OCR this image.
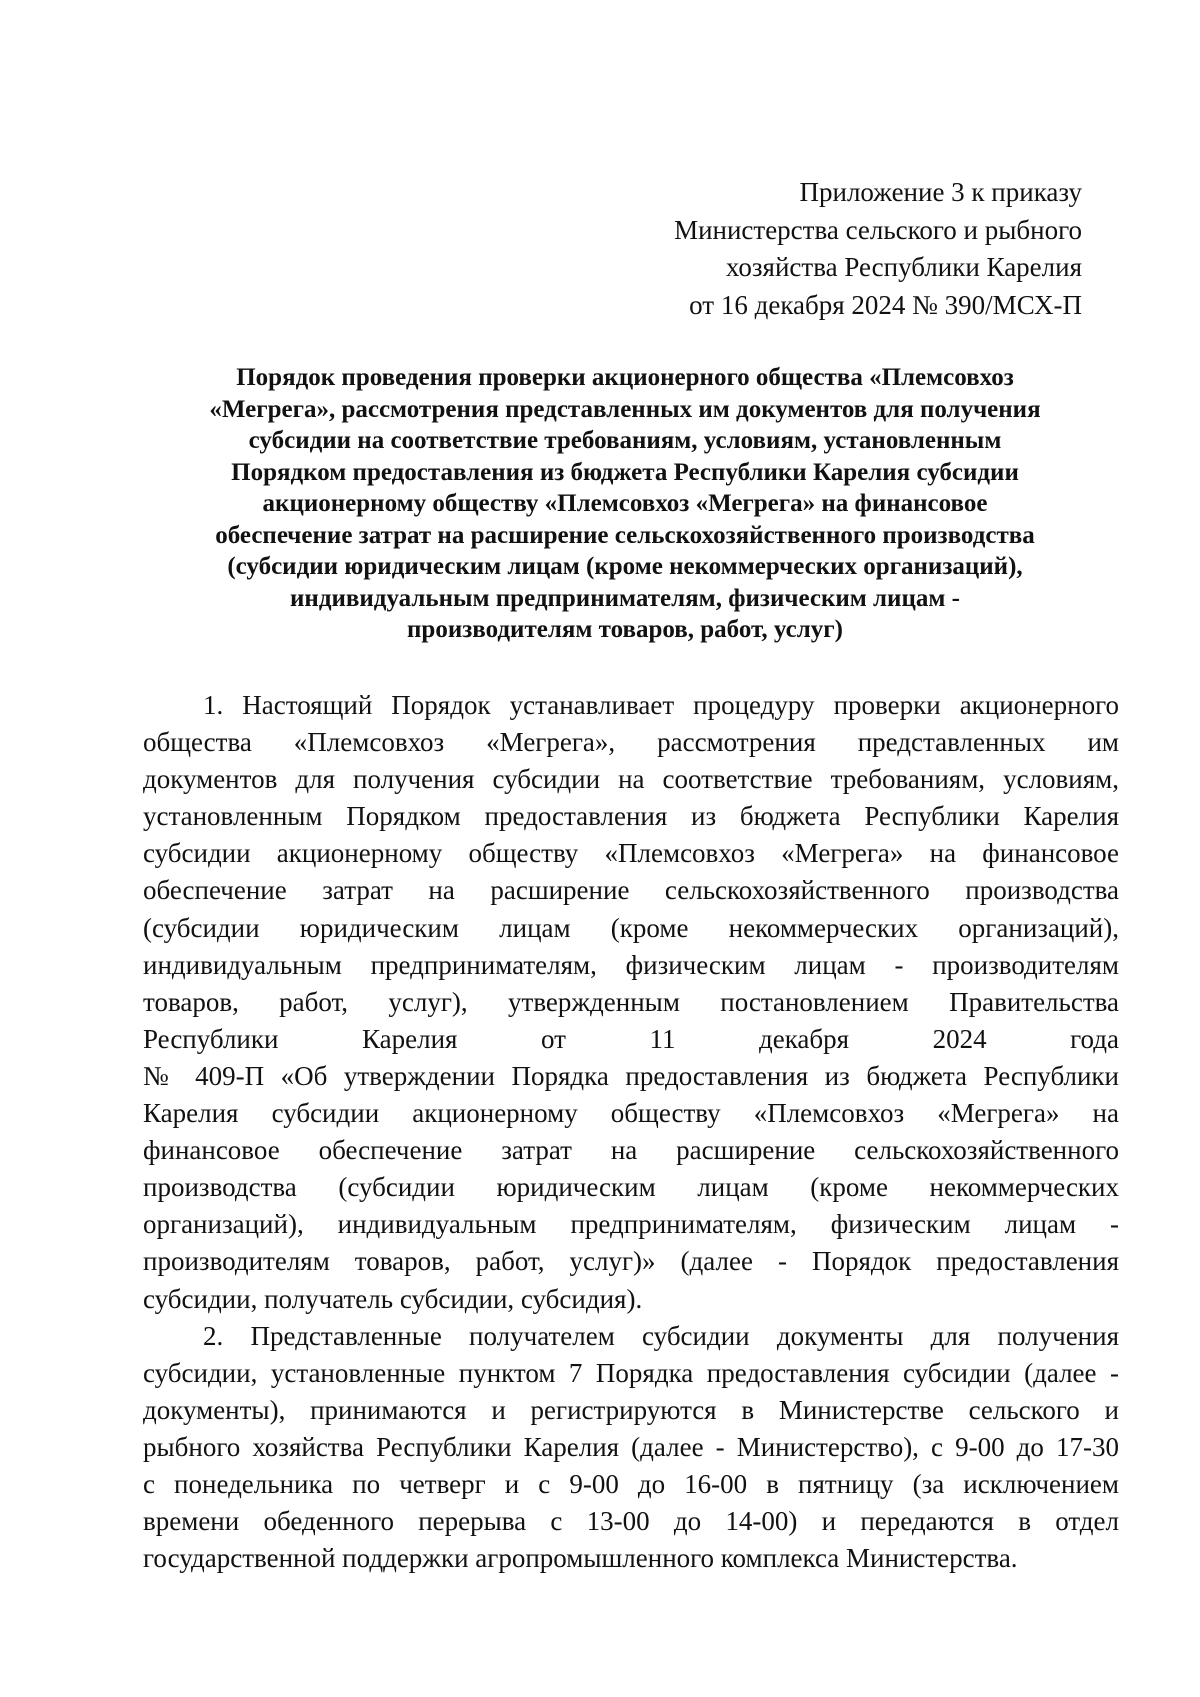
Приложение 3 к приказу
Министерства сельского и рыбного
хозяйства Республики Карелия
от 16 декабря 2024 № 390/МСХ-П
Порядок проведения проверки акционерного общества «Племсовхоз
«Мегрега», рассмотрения представленных им документов для получения
субсидии на соответствие требованиям, условиям, установленным
Порядком предоставления из бюджета Республики Карелия субсидии
акционерному обществу «Племсовхоз «Мегрега» на финансовое
обеспечение затрат на расширение сельскохозяйственного производства
(субсидии юридическим лицам (кроме некоммерческих организаций),
индивидуальным предпринимателям, физическим лицам -
производителям товаров, работ, услуг)
1. Настоящий Порядок устанавливает процедуру проверки акционерного
общества «Племсовхоз «Мегрега», рассмотрения представленных им
документов для получения субсидии на соответствие требованиям, условиям,
установленным Порядком предоставления из бюджета Республики Карелия
субсидии акционерному обществу «Племсовхоз «Мегрега» на финансовое
обеспечение затрат на расширение сельскохозяйственного производства
(субсидии юридическим лицам (кроме некоммерческих организаций),
индивидуальным предпринимателям, физическим лицам - производителям
товаров, работ, услуг), утвержденным постановлением Правительства
Республики Карелия от 11 декабря 2024 года
№ 409-П «Об утверждении Порядка предоставления из бюджета Республики
Карелия субсидии акционерному обществу «Племсовхоз «Мегрега» на
финансовое обеспечение затрат на расширение сельскохозяйственного
производства (субсидии юридическим лицам (кроме некоммерческих
организаций), индивидуальным предпринимателям, физическим лицам -
производителям товаров, работ, услуг)» (далее - Порядок предоставления
субсидии, получатель субсидии, субсидия).
2. Представленные получателем субсидии документы для получения
субсидии, установленные пунктом 7 Порядка предоставления субсидии (далее -
документы), принимаются и регистрируются в Министерстве сельского и
рыбного хозяйства Республики Карелия (далее - Министерство), с 9-00 до 17-30
с понедельника по четверг и с 9-00 до 16-00 в пятницу (за исключением
времени обеденного перерыва с 13-00 до 14-00) и передаются в отдел
государственной поддержки агропромышленного комплекса Министерства.
